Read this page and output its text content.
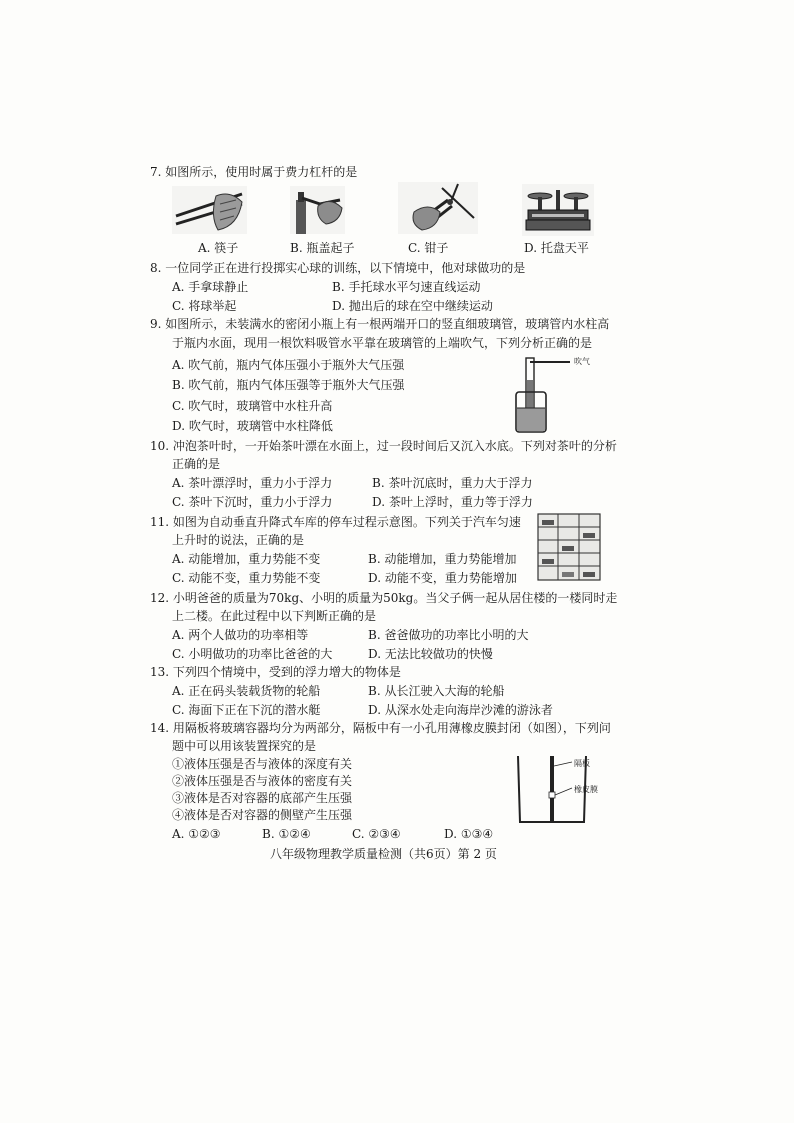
7. 如图所示，使用时属于费力杠杆的是
A. 筷子	B. 瓶盖起子	C. 钳子	D. 托盘天平
8. 一位同学正在进行投掷实心球的训练，以下情境中，他对球做功的是
A. 手拿球静止	B. 手托球水平匀速直线运动
C. 将球举起	D. 抛出后的球在空中继续运动
9. 如图所示，未装满水的密闭小瓶上有一根两端开口的竖直细玻璃管，玻璃管内水柱高
于瓶内水面，现用一根饮料吸管水平靠在玻璃管的上端吹气，下列分析正确的是
A. 吹气前，瓶内气体压强小于瓶外大气压强
B. 吹气前，瓶内气体压强等于瓶外大气压强
C. 吹气时，玻璃管中水柱升高
D. 吹气时，玻璃管中水柱降低
吹气
10. 冲泡茶叶时，一开始茶叶漂在水面上，过一段时间后又沉入水底。下列对茶叶的分析
正确的是
A. 茶叶漂浮时，重力小于浮力	B. 茶叶沉底时，重力大于浮力
C. 茶叶下沉时，重力小于浮力	D. 茶叶上浮时，重力等于浮力
11. 如图为自动垂直升降式车库的停车过程示意图。下列关于汽车匀速
上升时的说法，正确的是
A. 动能增加，重力势能不变	B. 动能增加，重力势能增加
C. 动能不变，重力势能不变	D. 动能不变，重力势能增加
12. 小明爸爸的质量为70kg、小明的质量为50kg。当父子俩一起从居住楼的一楼同时走
上二楼。在此过程中以下判断正确的是
A. 两个人做功的功率相等	B. 爸爸做功的功率比小明的大
C. 小明做功的功率比爸爸的大	D. 无法比较做功的快慢
13. 下列四个情境中，受到的浮力增大的物体是
A. 正在码头装载货物的轮船	B. 从长江驶入大海的轮船
C. 海面下正在下沉的潜水艇	D. 从深水处走向海岸沙滩的游泳者
14. 用隔板将玻璃容器均分为两部分，隔板中有一小孔用薄橡皮膜封闭（如图），下列问
题中可以用该装置探究的是
①液体压强是否与液体的深度有关
②液体压强是否与液体的密度有关
③液体是否对容器的底部产生压强
④液体是否对容器的侧壁产生压强
A. ①②③	B. ①②④	C. ②③④	D. ①③④
隔板
橡皮膜
八年级物理教学质量检测（共6页）第 2 页
